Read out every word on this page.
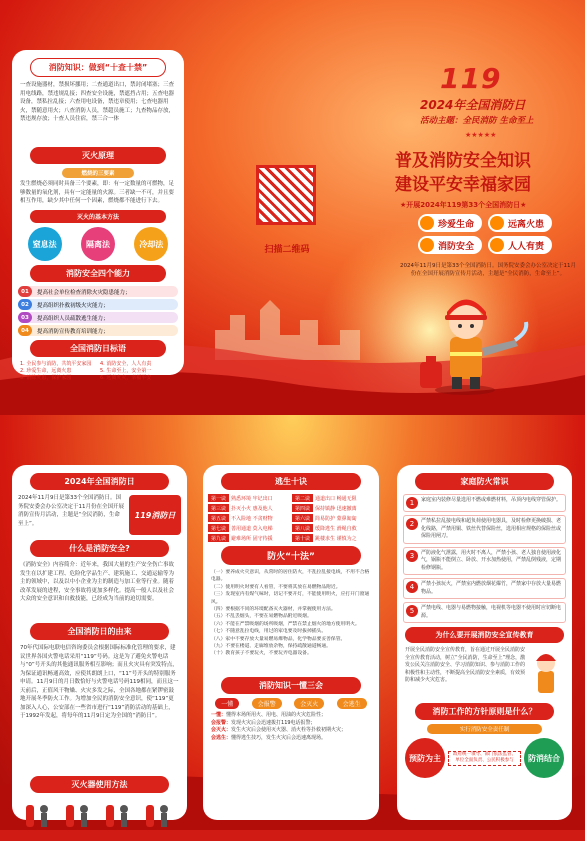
消防知识：做到“十查十禁”
一查设施器材，禁损坏挪用；二查通道出口，禁封闭堵塞；三查用电线路，禁违规乱接；四查安全设施，禁遮挡占用；五查电器设备，禁私拉乱接；六查用电设备，禁违章使用；七查电器用火，禁随意用火；八查消防人员，禁超员施工；九查物品存放，禁违规存放；十查人员住宿，禁三合一体
灭火原理
燃烧的三要素
发生燃烧必须同时具备三个要素，即：有一定数量的可燃物，足够数量的氧化剂，具有一定能量的火源。三者缺一不可，并且要相互作用，缺少其中任何一个因素，燃烧都不能进行下去。
灭火的基本方法
窒息法	隔离法	冷却法
消防安全四个能力
01	提高社会单位检查消除火灾隐患能力；
02	提高组织扑救初级火灾能力；
03	提高组织人员疏散逃生能力；
04	提高消防宣传教育培训能力；
全国消防日标语
1. 全民参与消防，共筑平安家园
2. 珍爱生命，远离火患
3. 消除火患，保护家园
4. 消防安全，人人有责
5. 生命至上，安全第一
6. 远离火灾，幸福平安
扫描二维码
119
2024年全国消防日
活动主题：全民消防 生命至上
★★★★★
普及消防安全知识
建设平安幸福家园
★开展2024年119第33个全国消防日★
珍爱生命	远离火患
消防安全	人人有责
2024年11月9日是第33个全国消防日。国务院安委会办公室决定于11月份在全国开展消防宣传月活动，主题是“全民消防，生命至上”。
2024年全国消防日
2024年11月9日是第33个全国消防日。国务院安委会办公室决定于11月份在全国开展消防宣传月活动，主题是“全民消防，生命至上”。
119消防日
什么是消防安全?
《消防安全》内容简介：近年来，我国大量的生产安全伤亡事故发生在以扩建工程、危险化学品生产、建筑施工、交通运输等为主的领域中，以及以中小企业为主的制造与加工业等行业。随着改革发展的进程，安全事故将更加多样化。提高一般人以及社会大众的安全意识和自救技能，已经成为当前的迫切需要。
全国消防日的由来
70年代国际电联电信咨询委员会根据国际标准化管理的要求，建议世界各国火警电话采用“119”号码。这是为了避免火警电话与“0”号开头的其他通讯服务相互影响；而且火灾具有突发特点，为保证通讯畅通高效，应使其朗朗上口，“11”号开头的特别服务申请。11月9日的月日数恰好与火警电话号码119相同，而且这一天前后，正值风干物燥、火灾多发之际，全国各地都在紧锣密鼓地开展冬季防火工作。为增加全民的消防安全意识，使“119”更加深入人心，公安部在一些省市进行“119”消防活动的基础上，于1992年发起，将每年的11月9日定为全国的“消防日”。
灭火器使用方法
逃生十诀
第一诀	熟悉环境 牢记出口	第二诀	通道出口 畅通无阻
第三诀	扑灭小火 惠及他人	第四诀	保持镇静 迅速撤离
第五诀	不入险地 不贪财物	第六诀	简易防护 蒙鼻匍匐
第七诀	善用通道 莫入电梯	第八诀	缓降逃生 滑绳自救
第九诀	避难场所 固守待援	第十诀	跳楼求生 谨慎为之
防火“十法”
（一）要养成火灾意识，从常时的居住防火，不乱拉乱接电线，不用不合格电器。
（二）使用明火时要有人看管，不要将其放在易燃物品附近。
（三）发现室内有煤气味时，切记不要开灯，不能使用明火，应打开门窗通风。
（四）要根据不同的环境配备灭火器材，并掌握使用方法。
（五）不乱丢烟头，不要在易燃物品附近吸烟。
（六）不能在严禁吸烟的场所吸烟，严禁在禁止烟火的地方使用明火。
（七）不随意乱拉电线，用过的家电要及时拔掉插头。
（八）家中不要存放大量易燃易爆物品，化学物品要妥善保管。
（九）不要在楼道、走廊堆放杂物，保持疏散通道畅通。
（十）教育孩子不要玩火，不要玩弄电器设备。
消防知识一懂三会
一懂	会报警	会灭火	会逃生
一懂：懂得本场所用火、用电、用油的火灾危险性；
会报警：发现火灾后会迅速拨打119电话报警；
会灭火：发生火灾后会使用灭火器、消火栓等扑救初期火灾；
会逃生：懂得逃生技巧，发生火灾后会迅速离现场。
家庭防火常识
1	家庭室内装修尽量选用不燃或难燃材料，吊顶内电线穿管保护。
2	严禁私拉乱接电线和超负荷使用电器具，及时检修更换破损、老化线路，严禁用铜、铁丝代替保险丝，选用相应规格的保险丝或保险用闸刀。
3	严防液化气泄露，用火时不离人，严禁小孩、老人独自使用液化气，锅瓶不能倒立、卧放、开水加热使用，严禁乱倒残液，定期检修钢瓶。
4	严禁小孩玩火，严禁室内燃放烟花爆竹，严禁家中存放大量易燃物品。
5	严禁电线、电器与易燃物接触，电视机等电器不使用时应切断电源。
为什么要开展消防安全宣传教育
开展全民消防安全宣传教育，旨在通过开展全民消防安全宣传教育活动，树立“全民消防，生命至上”理念，激发公民关注消防安全、学习消防知识、参与消防工作的积极性和主动性，不断提高全民消防安全素质，有效预防和减少火灾危害。
消防工作的方针原则是什么？
实行消防安全责任制
预防为主	政府统一领导、部门依法监管、单位全面负责、公民积极参与	防消结合
